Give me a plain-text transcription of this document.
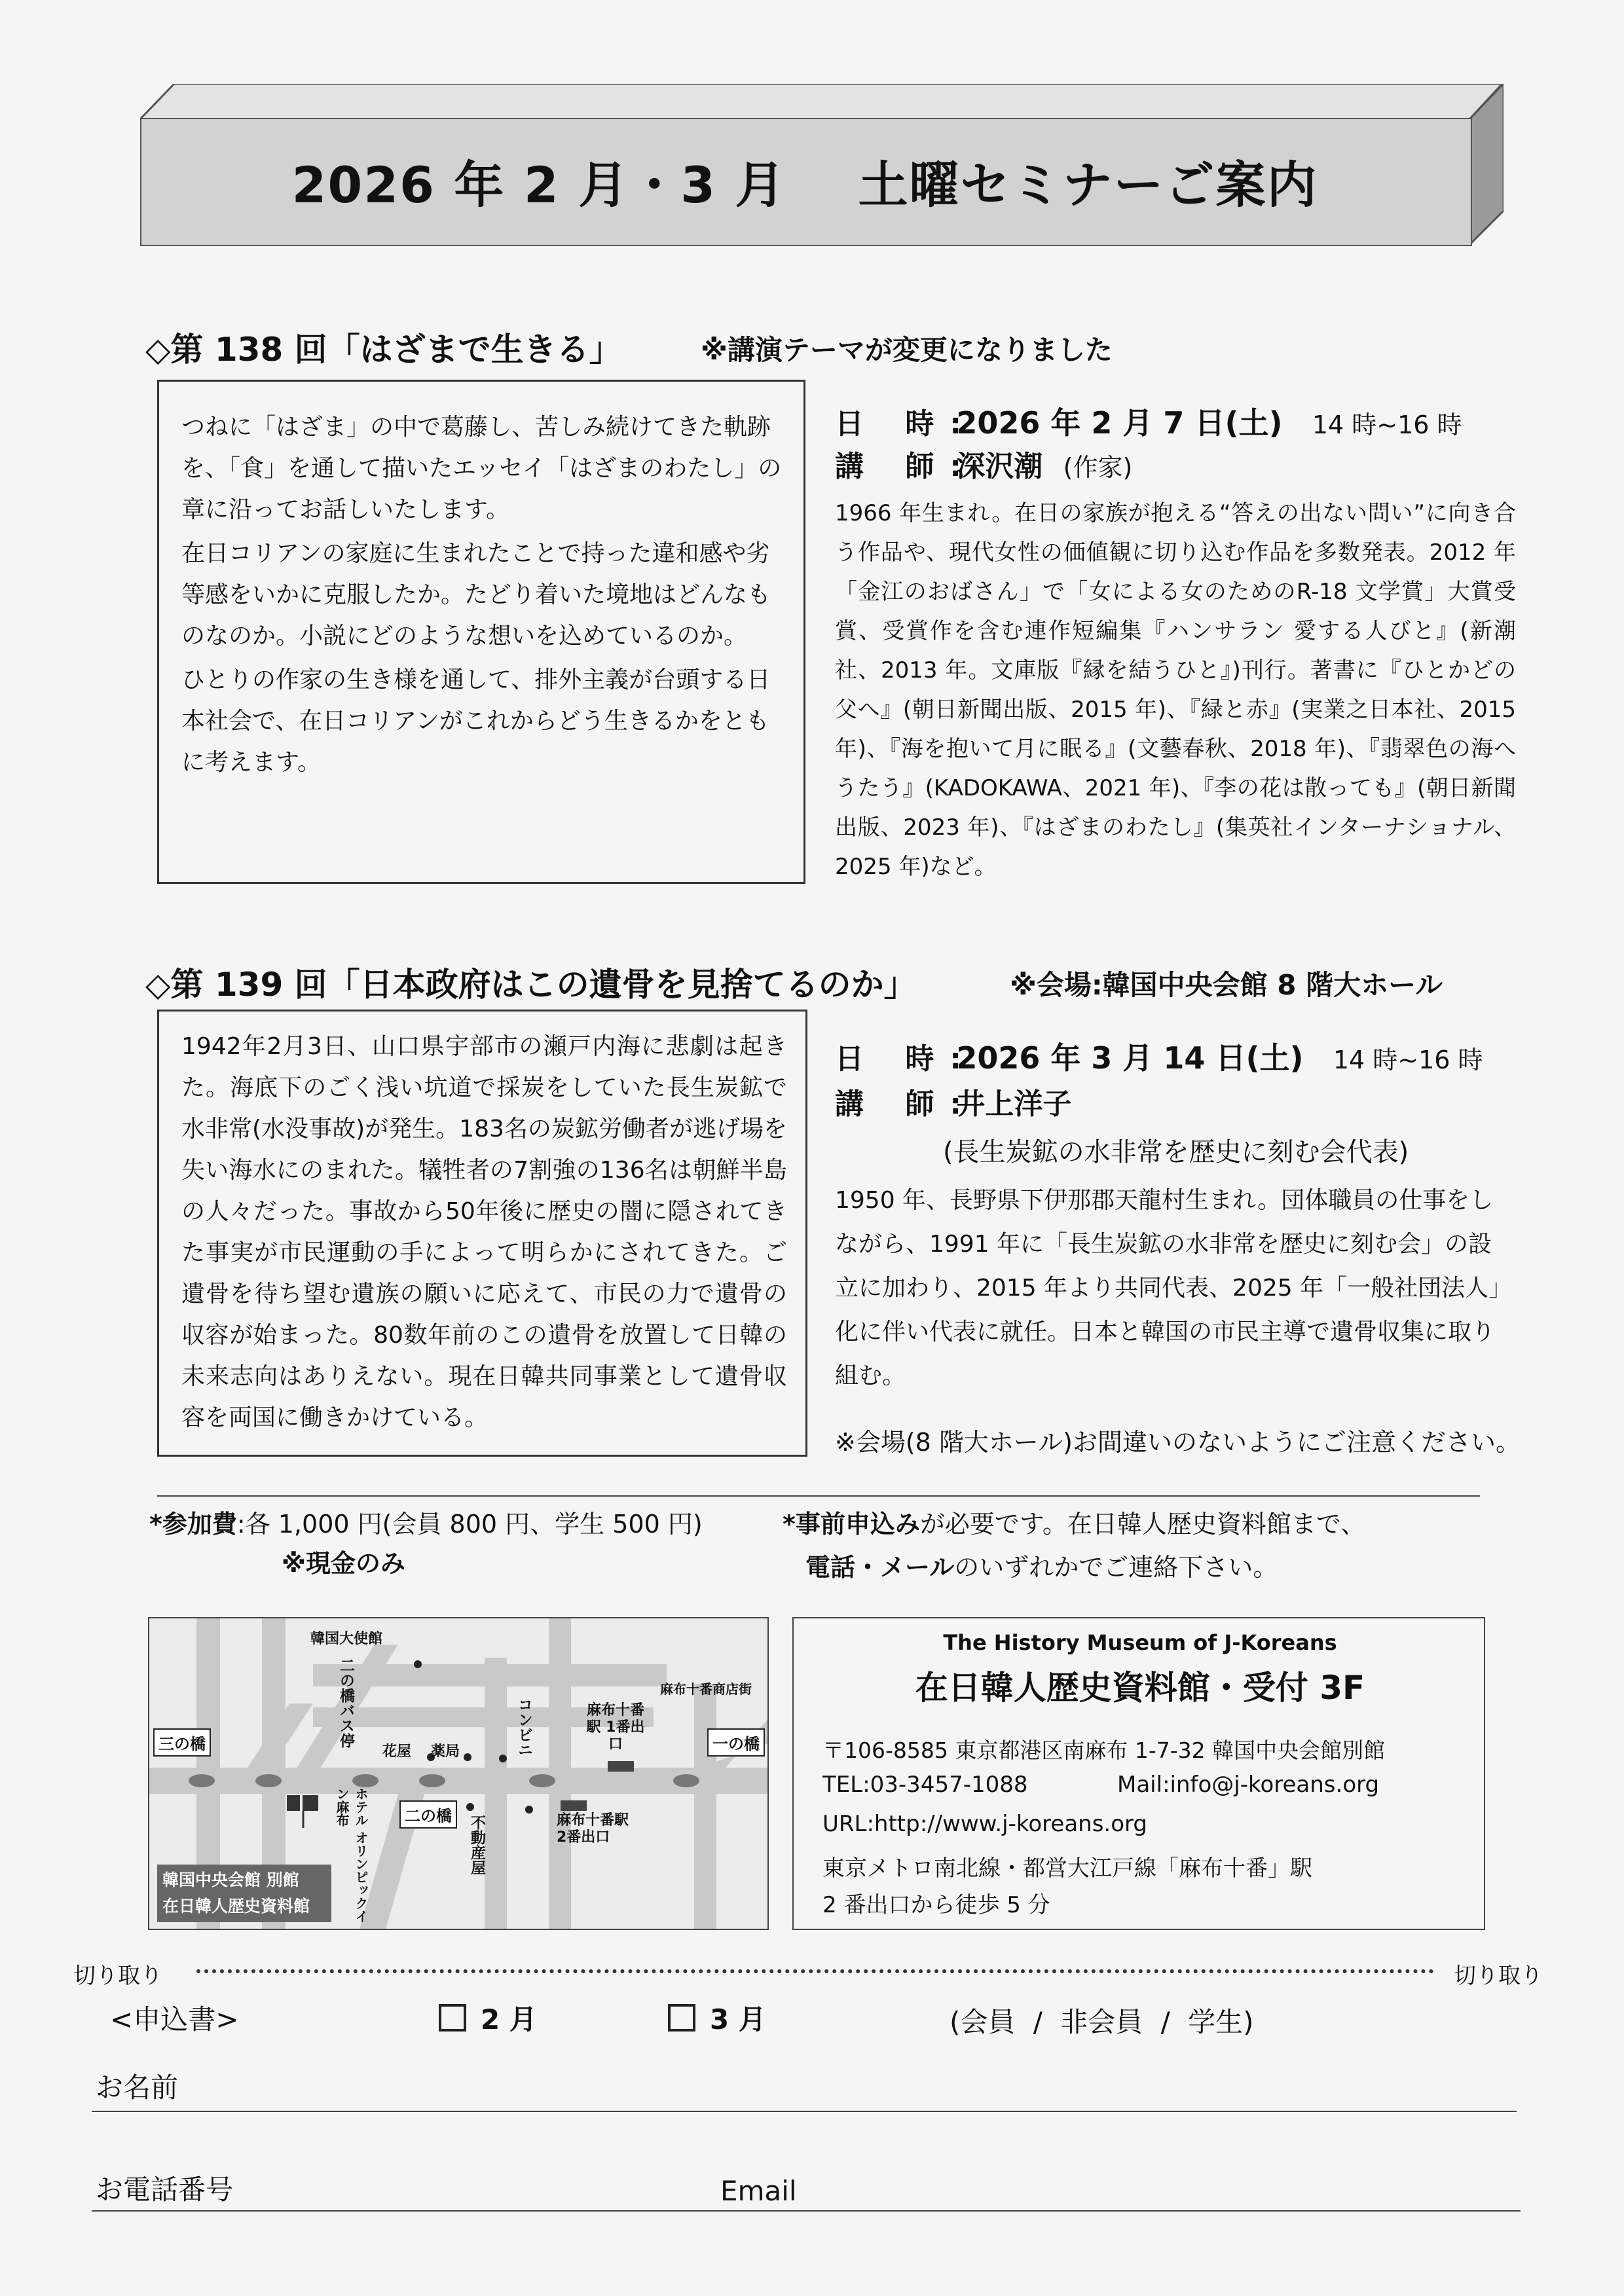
2026 年 2 月・3 月 土曜セミナーご案内
◇第 138 回「はざまで生きる」	※講演テーマが変更になりました

つねに「はざま」の中で葛藤し、苦しみ続けてきた軌跡を、「食」を通して描いたエッセイ「はざまのわたし」の章に沿ってお話しいたします。

在日コリアンの家庭に生まれたことで持った違和感や劣等感をいかに克服したか。たどり着いた境地はどんなものなのか。小説にどのような想いを込めているのか。

ひとりの作家の生き様を通して、排外主義が台頭する日本社会で、在日コリアンがこれからどう生きるかをともに考えます。

日 時: 2026 年 2 月 7 日(土) 14 時~16 時
講 師: 深沢潮 (作家)
1966 年生まれ。在日の家族が抱える“答えの出ない問い”に向き合う作品や、現代女性の価値観に切り込む作品を多数発表。2012 年「金江のおばさん」で「女による女のためのR-18 文学賞」大賞受賞、受賞作を含む連作短編集『ハンサラン 愛する人びと』(新潮社、2013 年。文庫版『縁を結うひと』)刊行。著書に『ひとかどの父へ』(朝日新聞出版、2015 年)、『緑と赤』(実業之日本社、2015 年)、『海を抱いて月に眠る』(文藝春秋、2018 年)、『翡翠色の海へうたう』(KADOKAWA、2021 年)、『李の花は散っても』(朝日新聞出版、2023 年)、『はざまのわたし』(集英社インターナショナル、2025 年)など。
◇第 139 回「日本政府はこの遺骨を見捨てるのか」	※会場:韓国中央会館 8 階大ホール

1942年2月3日、山口県宇部市の瀬戸内海に悲劇は起きた。海底下のごく浅い坑道で採炭をしていた長生炭鉱で水非常(水没事故)が発生。183名の炭鉱労働者が逃げ場を失い海水にのまれた。犠牲者の7割強の136名は朝鮮半島の人々だった。事故から50年後に歴史の闇に隠されてきた事実が市民運動の手によって明らかにされてきた。ご遺骨を待ち望む遺族の願いに応えて、市民の力で遺骨の収容が始まった。80数年前のこの遺骨を放置して日韓の未来志向はありえない。現在日韓共同事業として遺骨収容を両国に働きかけている。

日 時: 2026 年 3 月 14 日(土) 14 時~16 時
講 師: 井上洋子
(長生炭鉱の水非常を歴史に刻む会代表)
1950 年、長野県下伊那郡天龍村生まれ。団体職員の仕事をしながら、1991 年に「長生炭鉱の水非常を歴史に刻む会」の設立に加わり、2015 年より共同代表、2025 年「一般社団法人」化に伴い代表に就任。日本と韓国の市民主導で遺骨収集に取り組む。
※会場(8 階大ホール)お間違いのないようにご注意ください。
*参加費:各 1,000 円(会員 800 円、学生 500 円)
※現金のみ
*事前申込みが必要です。在日韓人歴史資料館まで、
電話・メールのいずれかでご連絡下さい。
韓国大使館
二の橋バス停
三の橋
二の橋
一の橋
花屋 薬局	コンビニ	麻布十番駅 1番出口
麻布十番駅 2番出口
麻布十番商店街
ホテル オリンピックイン麻布
不動産屋
韓国中央会館 別館
在日韓人歴史資料館
The History Museum of J-Koreans
在日韓人歴史資料館・受付 3F
〒106-8585 東京都港区南麻布 1-7-32 韓国中央会館別館
TEL:03-3457-1088	Mail:info@j-koreans.org
URL:http://www.j-koreans.org
東京メトロ南北線・都営大江戸線「麻布十番」駅
2 番出口から徒歩 5 分
切り取り	切り取り
<申込書>	2 月	3 月	(会員 / 非会員 / 学生)
お名前
お電話番号	Email
